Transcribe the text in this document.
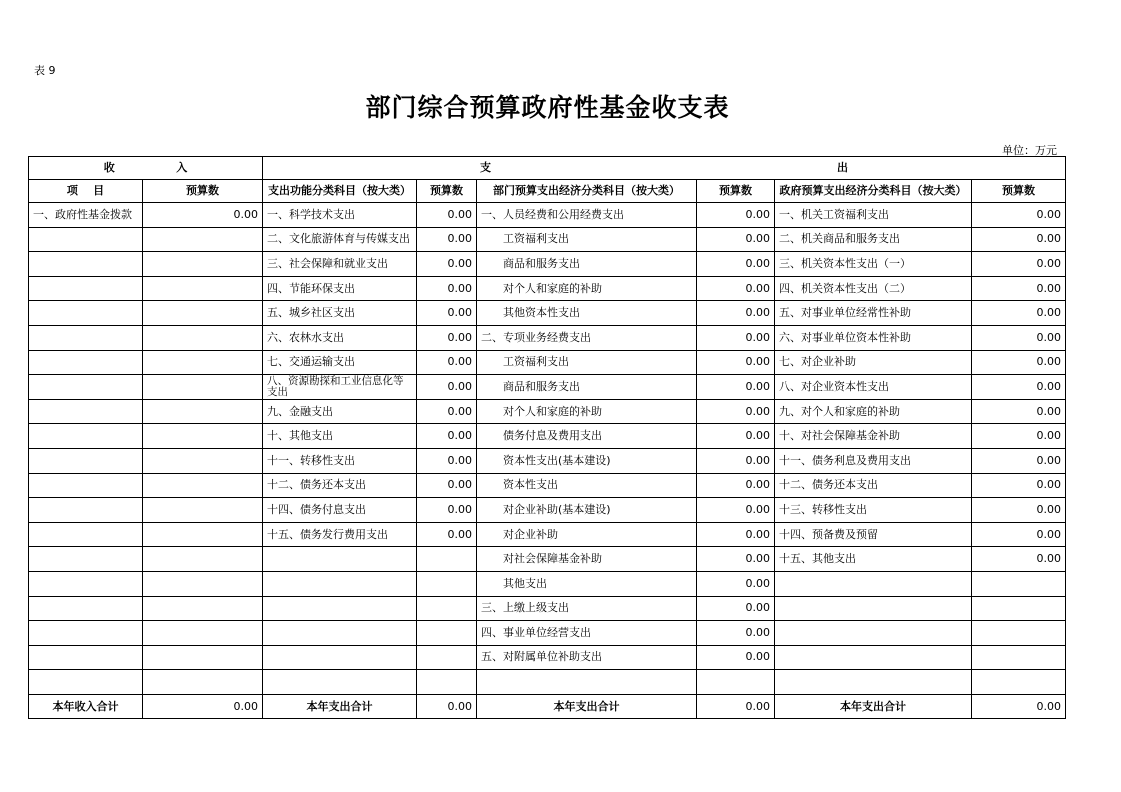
表 9
部门综合预算政府性基金收支表
单位：万元
收 入		支 出					

项    目	预算数	支出功能分类科目（按大类）	预算数	部门预算支出经济分类科目（按大类）	预算数	政府预算支出经济分类科目（按大类）	预算数
一、政府性基金拨款	0.00	一、科学技术支出	0.00	一、人员经费和公用经费支出	0.00	一、机关工资福利支出	0.00
		二、文化旅游体育与传媒支出	0.00	工资福利支出	0.00	二、机关商品和服务支出	0.00
		三、社会保障和就业支出	0.00	商品和服务支出	0.00	三、机关资本性支出（一）	0.00
		四、节能环保支出	0.00	对个人和家庭的补助	0.00	四、机关资本性支出（二）	0.00
		五、城乡社区支出	0.00	其他资本性支出	0.00	五、对事业单位经常性补助	0.00
		六、农林水支出	0.00	二、专项业务经费支出	0.00	六、对事业单位资本性补助	0.00
		七、交通运输支出	0.00	工资福利支出	0.00	七、对企业补助	0.00
		八、资源勘探和工业信息化等支出	0.00	商品和服务支出	0.00	八、对企业资本性支出	0.00
		九、金融支出	0.00	对个人和家庭的补助	0.00	九、对个人和家庭的补助	0.00
		十、其他支出	0.00	债务付息及费用支出	0.00	十、对社会保障基金补助	0.00
		十一、转移性支出	0.00	资本性支出(基本建设)	0.00	十一、债务利息及费用支出	0.00
		十二、债务还本支出	0.00	资本性支出	0.00	十二、债务还本支出	0.00
		十四、债务付息支出	0.00	对企业补助(基本建设)	0.00	十三、转移性支出	0.00
		十五、债务发行费用支出	0.00	对企业补助	0.00	十四、预备费及预留	0.00
				对社会保障基金补助	0.00	十五、其他支出	0.00
				其他支出	0.00		
				三、上缴上级支出	0.00		
				四、事业单位经营支出	0.00		
				五、对附属单位补助支出	0.00		

本年收入合计	0.00	本年支出合计	0.00	本年支出合计	0.00	本年支出合计	0.00
